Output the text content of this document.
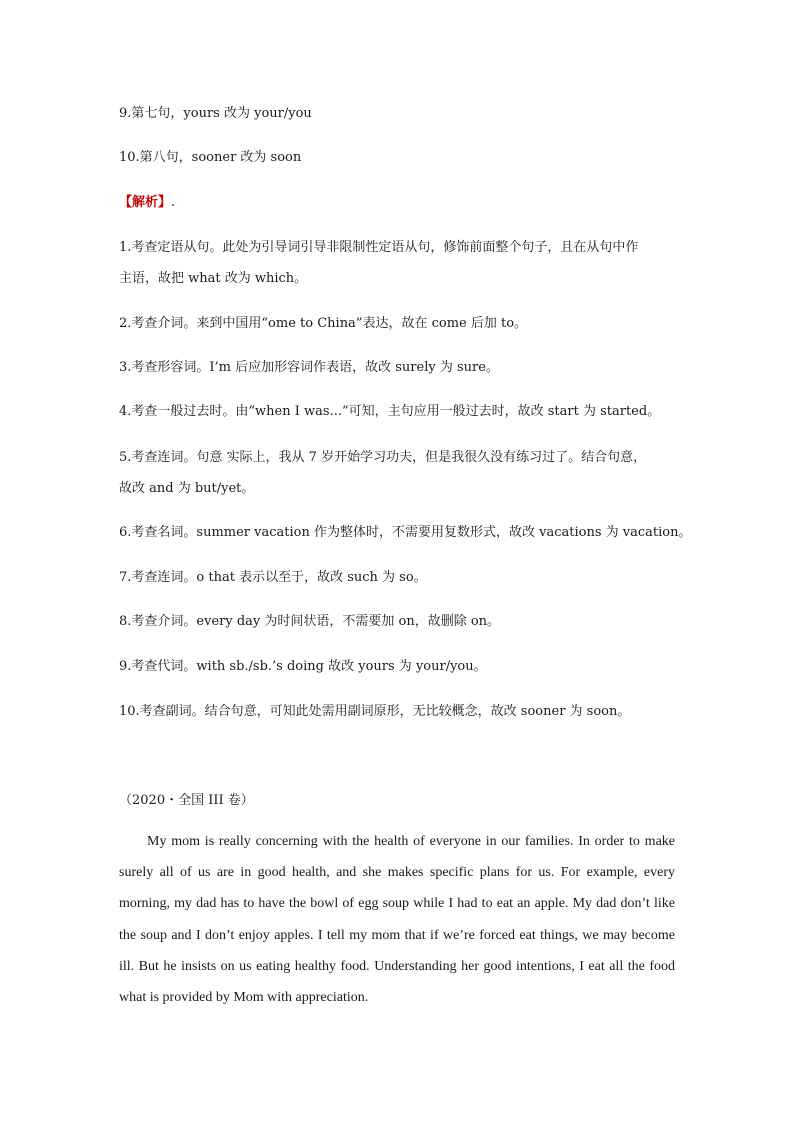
9.第七句，yours 改为 your/you
10.第八句，sooner 改为 soon
【解析】.
1.考查定语从句。此处为引导词引导非限制性定语从句，修饰前面整个句子，且在从句中作
主语，故把 what 改为 which。
2.考查介词。来到中国用“ome to China”表达，故在 come 后加 to。
3.考查形容词。I’m 后应加形容词作表语，故改 surely 为 sure。
4.考查一般过去时。由“when I was...”可知，主句应用一般过去时，故改 start 为 started。
5.考查连词。句意 实际上，我从 7 岁开始学习功夫，但是我很久没有练习过了。结合句意，
故改 and 为 but/yet。
6.考查名词。summer vacation 作为整体时，不需要用复数形式，故改 vacations 为 vacation。
7.考查连词。o that 表示以至于，故改 such 为 so。
8.考查介词。every day 为时间状语，不需要加 on，故删除 on。
9.考查代词。with sb./sb.’s doing 故改 yours 为 your/you。
10.考查副词。结合句意，可知此处需用副词原形，无比较概念，故改 sooner 为 soon。
（2020・全国 III 卷）

My mom is really concerning with the health of everyone in our families. In order to make surely all of us are in good health, and she makes specific plans for us. For example, every morning, my dad has to have the bowl of egg soup while I had to eat an apple. My dad don’t like the soup and I don’t enjoy apples. I tell my mom that if we’re forced eat things, we may become ill. But he insists on us eating healthy food. Understanding her good intentions, I eat all the food what is provided by Mom with appreciation.
